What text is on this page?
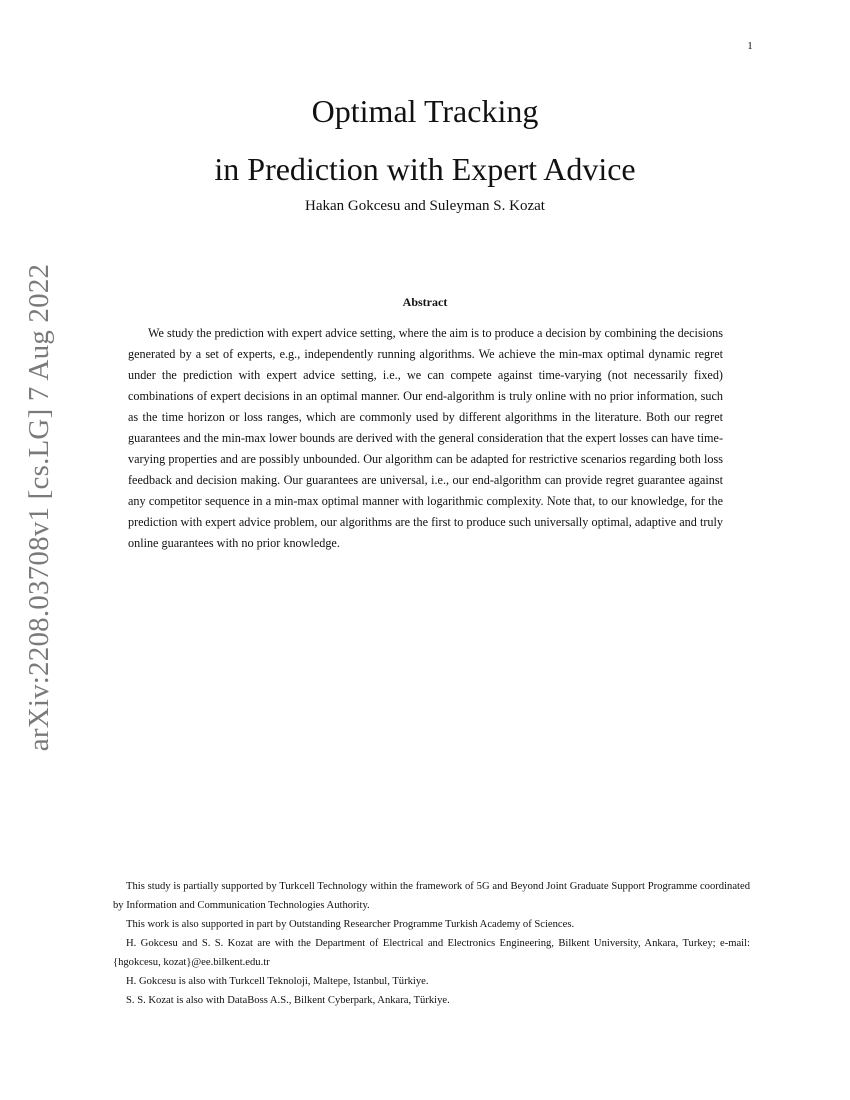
1
arXiv:2208.03708v1 [cs.LG] 7 Aug 2022
Optimal Tracking
in Prediction with Expert Advice
Hakan Gokcesu and Suleyman S. Kozat
Abstract

We study the prediction with expert advice setting, where the aim is to produce a decision by combining the decisions generated by a set of experts, e.g., independently running algorithms. We achieve the min-max optimal dynamic regret under the prediction with expert advice setting, i.e., we can compete against time-varying (not necessarily fixed) combinations of expert decisions in an optimal manner. Our end-algorithm is truly online with no prior information, such as the time horizon or loss ranges, which are commonly used by different algorithms in the literature. Both our regret guarantees and the min-max lower bounds are derived with the general consideration that the expert losses can have time-varying properties and are possibly unbounded. Our algorithm can be adapted for restrictive scenarios regarding both loss feedback and decision making. Our guarantees are universal, i.e., our end-algorithm can provide regret guarantee against any competitor sequence in a min-max optimal manner with logarithmic complexity. Note that, to our knowledge, for the prediction with expert advice problem, our algorithms are the first to produce such universally optimal, adaptive and truly online guarantees with no prior knowledge.

This study is partially supported by Turkcell Technology within the framework of 5G and Beyond Joint Graduate Support Programme coordinated by Information and Communication Technologies Authority.

This work is also supported in part by Outstanding Researcher Programme Turkish Academy of Sciences.

H. Gokcesu and S. S. Kozat are with the Department of Electrical and Electronics Engineering, Bilkent University, Ankara, Turkey; e-mail: {hgokcesu, kozat}@ee.bilkent.edu.tr

H. Gokcesu is also with Turkcell Teknoloji, Maltepe, Istanbul, Türkiye.

S. S. Kozat is also with DataBoss A.S., Bilkent Cyberpark, Ankara, Türkiye.
